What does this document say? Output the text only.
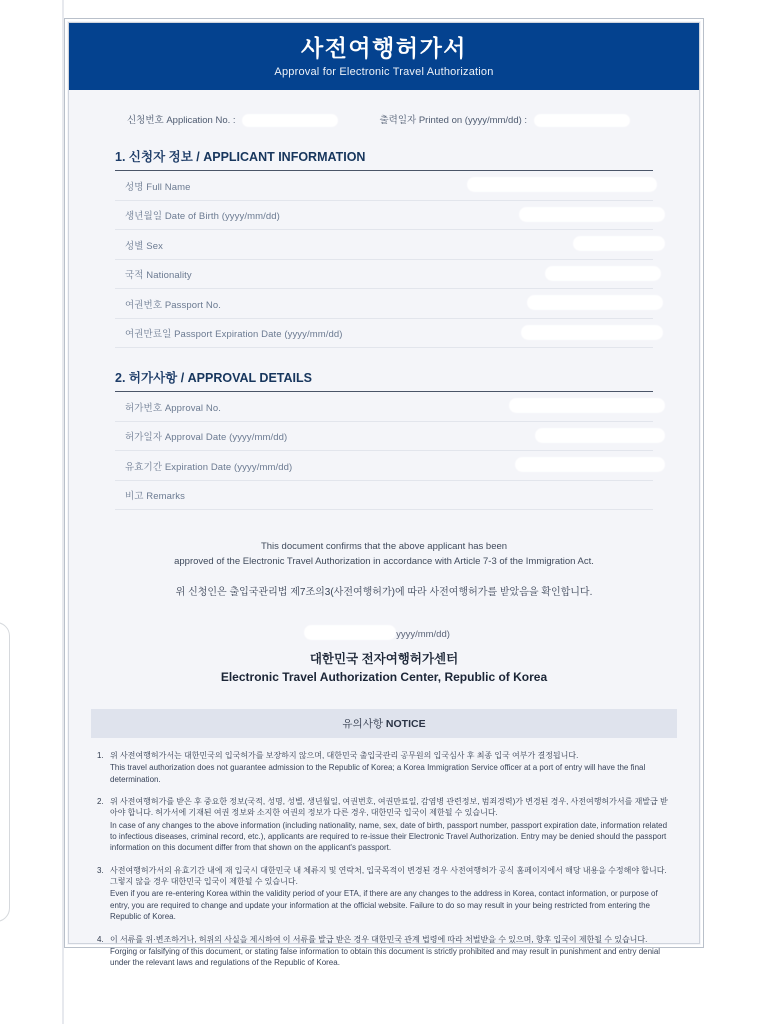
사전여행허가서
Approval for Electronic Travel Authorization
신청번호 Application No. :	출력일자 Printed on (yyyy/mm/dd) :
1. 신청자 정보 / APPLICANT INFORMATION
성명 Full Name
생년월일 Date of Birth (yyyy/mm/dd)
성별 Sex
국적 Nationality
여권번호 Passport No.
여권만료일 Passport Expiration Date (yyyy/mm/dd)
2. 허가사항 / APPROVAL DETAILS
허가번호 Approval No.
허가일자 Approval Date (yyyy/mm/dd)
유효기간 Expiration Date (yyyy/mm/dd)
비고 Remarks
This document confirms that the above applicant has been
approved of the Electronic Travel Authorization in accordance with Article 7-3 of the Immigration Act.
위 신청인은 출입국관리법 제7조의3(사전여행허가)에 따라 사전여행허가를 받았음을 확인합니다.
yyyy/mm/dd)
대한민국 전자여행허가센터
Electronic Travel Authorization Center, Republic of Korea
유의사항 NOTICE
1. 위 사전여행허가서는 대한민국의 입국허가를 보장하지 않으며, 대한민국 출입국관리 공무원의 입국심사 후 최종 입국 여부가 결정됩니다.
This travel authorization does not guarantee admission to the Republic of Korea; a Korea Immigration Service officer at a port of entry will have the final determination.
2. 위 사전여행허가를 받은 후 중요한 정보(국적, 성명, 성별, 생년월일, 여권번호, 여권만료일, 감염병 관련정보, 범죄경력)가 변경된 경우, 사전여행허가서를 재발급 받아야 합니다. 허가서에 기재된 여권 정보와 소지한 여권의 정보가 다른 경우, 대한민국 입국이 제한될 수 있습니다.
In case of any changes to the above information (including nationality, name, sex, date of birth, passport number, passport expiration date, information related to infectious diseases, criminal record, etc.), applicants are required to re-issue their Electronic Travel Authorization. Entry may be denied should the passport information on this document differ from that shown on the applicant's passport.
3. 사전여행허가서의 유효기간 내에 재 입국시 대한민국 내 체류지 및 연락처, 입국목적이 변경된 경우 사전여행허가 공식 홈페이지에서 해당 내용을 수정해야 합니다. 그렇지 않을 경우 대한민국 입국이 제한될 수 있습니다.
Even if you are re-entering Korea within the validity period of your ETA, if there are any changes to the address in Korea, contact information, or purpose of entry, you are required to change and update your information at the official website. Failure to do so may result in your being restricted from entering the Republic of Korea.
4. 이 서류를 위·변조하거나, 허위의 사실을 제시하여 이 서류를 발급 받은 경우 대한민국 관계 법령에 따라 처벌받을 수 있으며, 향후 입국이 제한될 수 있습니다.
Forging or falsifying of this document, or stating false information to obtain this document is strictly prohibited and may result in punishment and entry denial under the relevant laws and regulations of the Republic of Korea.
